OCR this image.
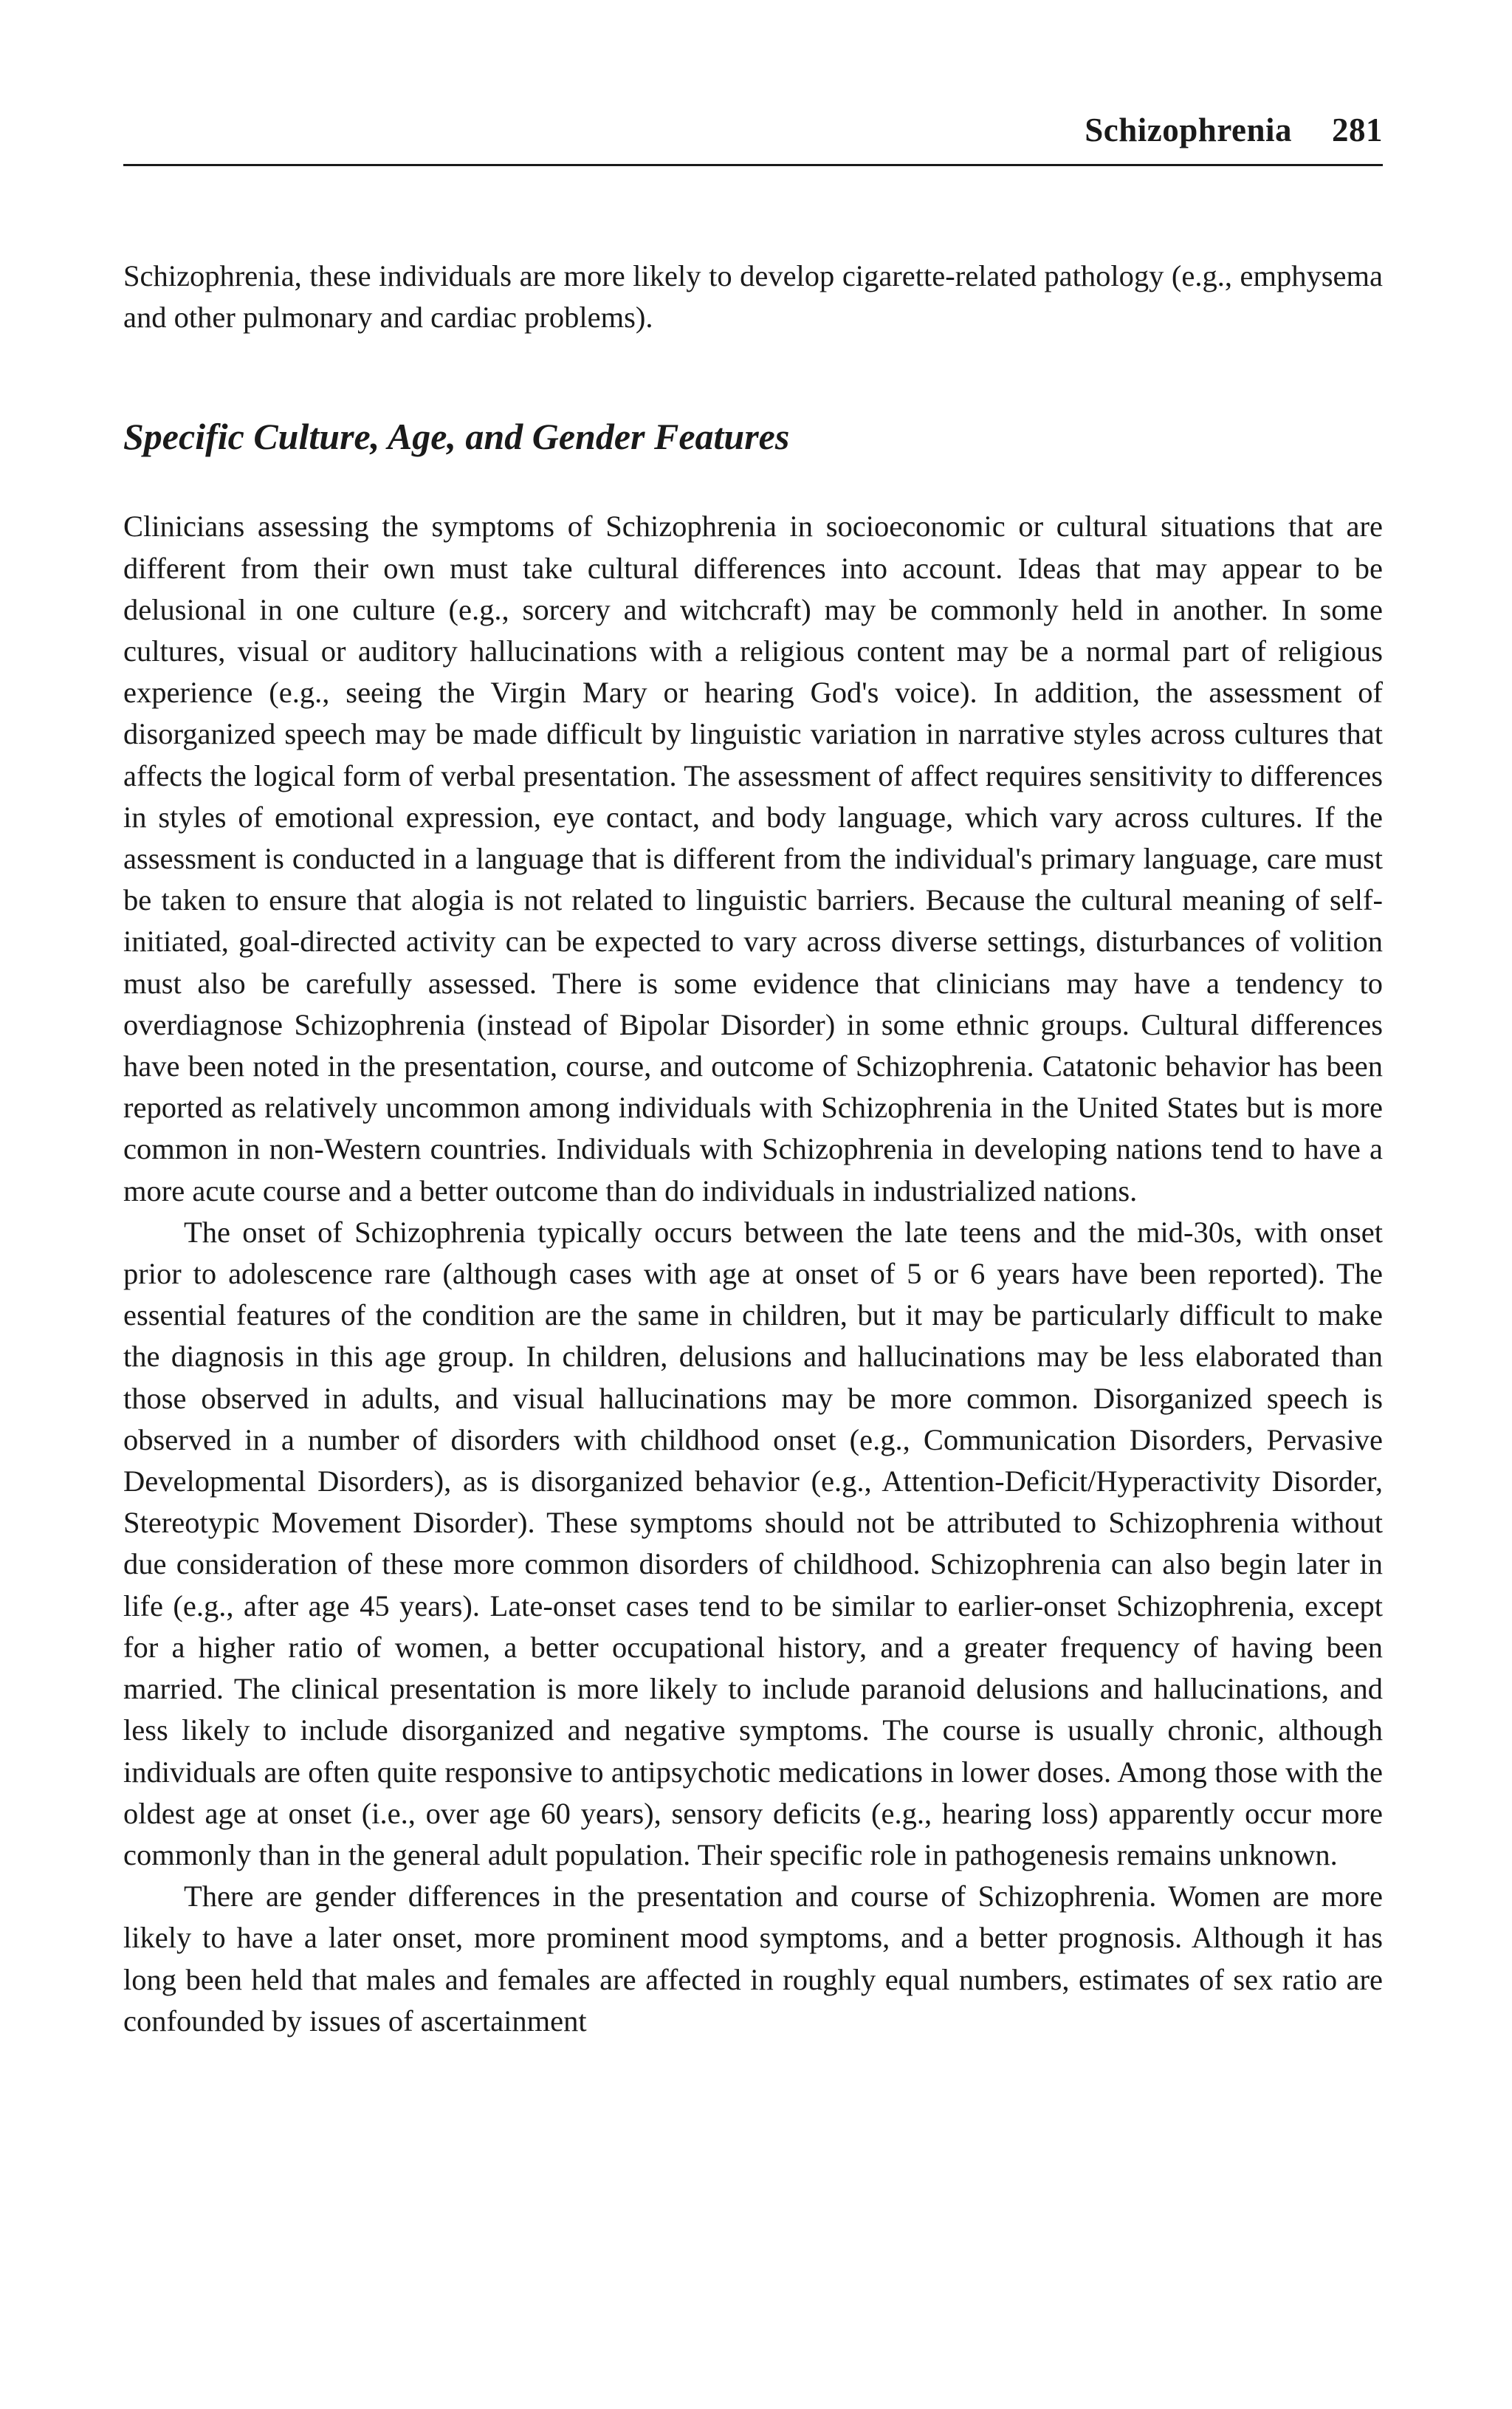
Schizophrenia 281

Schizophrenia, these individuals are more likely to develop cigarette-related pathology (e.g., emphysema and other pulmonary and cardiac problems).

Specific Culture, Age, and Gender Features

Clinicians assessing the symptoms of Schizophrenia in socioeconomic or cultural situations that are different from their own must take cultural differences into account. Ideas that may appear to be delusional in one culture (e.g., sorcery and witchcraft) may be commonly held in another. In some cultures, visual or auditory hallucinations with a religious content may be a normal part of religious experience (e.g., seeing the Virgin Mary or hearing God's voice). In addition, the assessment of disorganized speech may be made difficult by linguistic variation in narrative styles across cultures that affects the logical form of verbal presentation. The assessment of affect requires sensitivity to differences in styles of emotional expression, eye contact, and body language, which vary across cultures. If the assessment is conducted in a language that is different from the individual's primary language, care must be taken to ensure that alogia is not related to linguistic barriers. Because the cultural meaning of self-initiated, goal-directed activity can be expected to vary across diverse settings, disturbances of volition must also be carefully assessed. There is some evidence that clinicians may have a tendency to overdiagnose Schizophrenia (instead of Bipolar Disorder) in some ethnic groups. Cultural differences have been noted in the presentation, course, and outcome of Schizophrenia. Catatonic behavior has been reported as relatively uncommon among individuals with Schizophrenia in the United States but is more common in non-Western countries. Individuals with Schizophrenia in developing nations tend to have a more acute course and a better outcome than do individuals in industrialized nations.

The onset of Schizophrenia typically occurs between the late teens and the mid-30s, with onset prior to adolescence rare (although cases with age at onset of 5 or 6 years have been reported). The essential features of the condition are the same in children, but it may be particularly difficult to make the diagnosis in this age group. In children, delusions and hallucinations may be less elaborated than those observed in adults, and visual hallucinations may be more common. Disorganized speech is observed in a number of disorders with childhood onset (e.g., Communication Disorders, Pervasive Developmental Disorders), as is disorganized behavior (e.g., Attention-Deficit/Hyperactivity Disorder, Stereotypic Movement Disorder). These symptoms should not be attributed to Schizophrenia without due consideration of these more common disorders of childhood. Schizophrenia can also begin later in life (e.g., after age 45 years). Late-onset cases tend to be similar to earlier-onset Schizophrenia, except for a higher ratio of women, a better occupational history, and a greater frequency of having been married. The clinical presentation is more likely to include paranoid delusions and hallucinations, and less likely to include disorganized and negative symptoms. The course is usually chronic, although individuals are often quite responsive to antipsychotic medications in lower doses. Among those with the oldest age at onset (i.e., over age 60 years), sensory deficits (e.g., hearing loss) apparently occur more commonly than in the general adult population. Their specific role in pathogenesis remains unknown.

There are gender differences in the presentation and course of Schizophrenia. Women are more likely to have a later onset, more prominent mood symptoms, and a better prognosis. Although it has long been held that males and females are affected in roughly equal numbers, estimates of sex ratio are confounded by issues of ascertainment
